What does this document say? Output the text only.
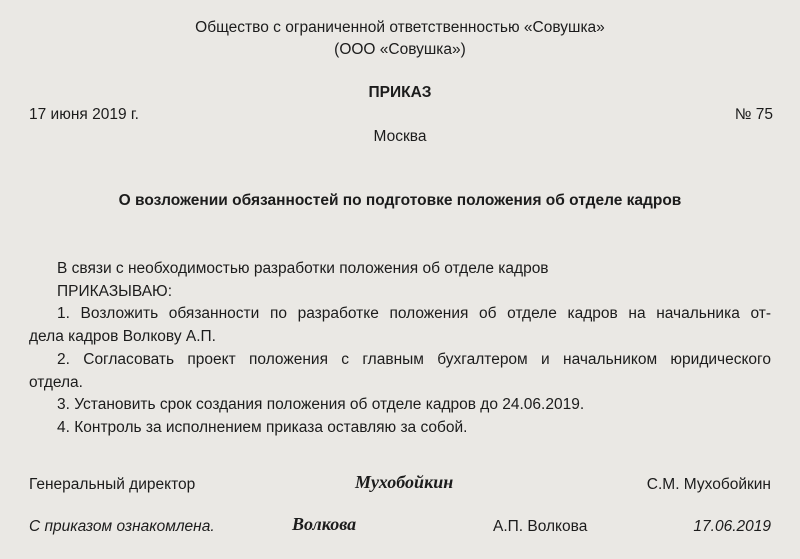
Общество с ограниченной ответственностью «Совушка»
(ООО «Совушка»)
ПРИКАЗ
17 июня 2019 г.	№ 75
Москва
О возложении обязанностей по подготовке положения об отделе кадров

В связи с необходимостью разработки положения об отделе кадров

ПРИКАЗЫВАЮ:

1. Возложить обязанности по разработке положения об отделе кадров на начальника от-

дела кадров Волкову А.П.

2. Согласовать проект положения с главным бухгалтером и начальником юридического

отдела.

3. Установить срок создания положения об отделе кадров до 24.06.2019.

4. Контроль за исполнением приказа оставляю за собой.

Генеральный директор	Мухобойкин	С.М. Мухобойкин
С приказом ознакомлена.	Волкова	А.П. Волкова	17.06.2019
